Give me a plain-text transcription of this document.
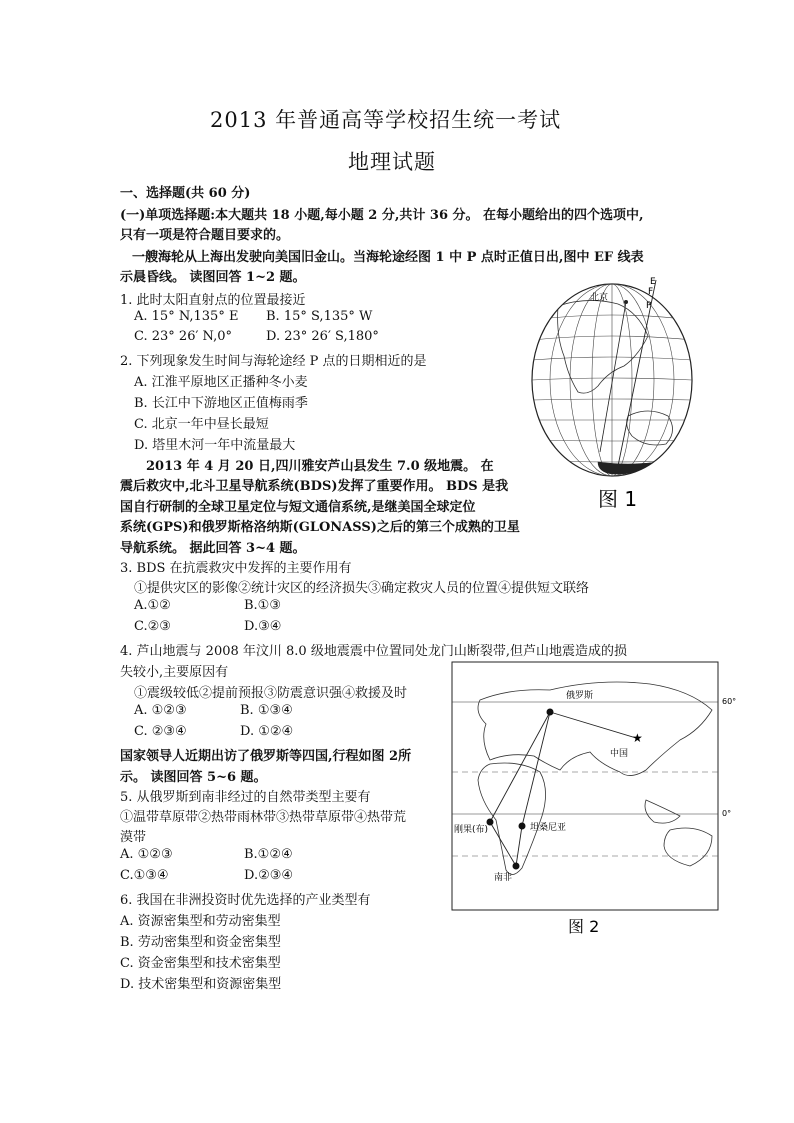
2013 年普通高等学校招生统一考试
地理试题
一、选择题(共 60 分)
(一)单项选择题:本大题共 18 小题,每小题 2 分,共计 36 分。 在每小题给出的四个选项中,
只有一项是符合题目要求的。
一艘海轮从上海出发驶向美国旧金山。当海轮途经图 1 中 P 点时正值日出,图中 EF 线表
示晨昏线。 读图回答 1~2 题。
1. 此时太阳直射点的位置最接近
A. 15° N,135° E B. 15° S,135° W
C. 23° 26′ N,0°	D. 23° 26′ S,180°
2. 下列现象发生时间与海轮途经 P 点的日期相近的是
A. 江淮平原地区正播种冬小麦
B. 长江中下游地区正值梅雨季
C. 北京一年中昼长最短
D. 塔里木河一年中流量最大
2013 年 4 月 20 日,四川雅安芦山县发生 7.0 级地震。 在
震后救灾中,北斗卫星导航系统(BDS)发挥了重要作用。 BDS 是我
国自行研制的全球卫星定位与短文通信系统,是继美国全球定位
系统(GPS)和俄罗斯格洛纳斯(GLONASS)之后的第三个成熟的卫星
导航系统。 据此回答 3~4 题。
3. BDS 在抗震救灾中发挥的主要作用有
①提供灾区的影像②统计灾区的经济损失③确定救灾人员的位置④提供短文联络
A.①②	B.①③
C.②③	D.③④
4. 芦山地震与 2008 年汶川 8.0 级地震震中位置同处龙门山断裂带,但芦山地震造成的损
失较小,主要原因有
①震级较低②提前预报③防震意识强④救援及时
A. ①②③	B. ①③④
C. ②③④	D. ①②④
国家领导人近期出访了俄罗斯等四国,行程如图 2所
示。 读图回答 5~6 题。
5. 从俄罗斯到南非经过的自然带类型主要有
①温带草原带②热带雨林带③热带草原带④热带荒
漠带
A. ①②③	B.①②④
C.①③④	D.②③④
6. 我国在非洲投资时优先选择的产业类型有
A. 资源密集型和劳动密集型
B. 劳动密集型和资金密集型
C. 资金密集型和技术密集型
D. 技术密集型和资源密集型
北京
E
F
P
图 1
60°
0°
★
俄罗斯
中国
坦桑尼亚
刚果(布)
南非
图 2
